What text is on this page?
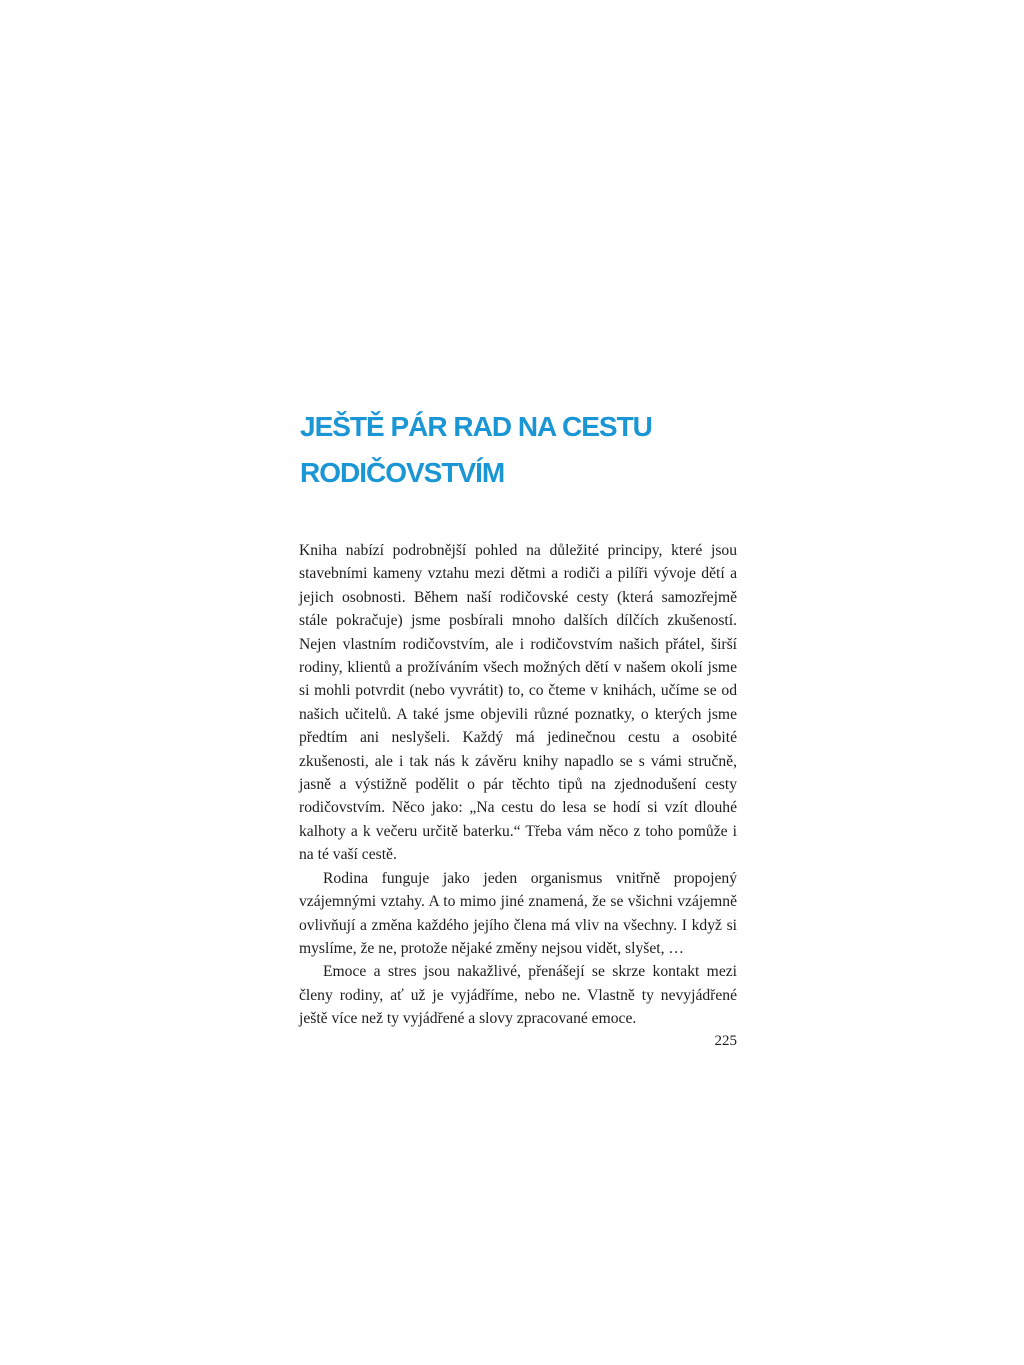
JEŠTĚ PÁR RAD NA CESTU
RODIČOVSTVÍM

Kniha nabízí podrobnější pohled na důležité principy, které jsou stavebními kameny vztahu mezi dětmi a rodiči a pilíři vývoje dětí a jejich osobnosti. Během naší rodičovské cesty (která samozřejmě stále pokračuje) jsme posbírali mnoho dalších dílčích zkušeností. Nejen vlastním rodičovstvím, ale i rodičovstvím našich přátel, širší rodiny, klientů a prožíváním všech možných dětí v našem okolí jsme si mohli potvrdit (nebo vyvrátit) to, co čteme v knihách, učíme se od našich učitelů. A také jsme objevili různé poznatky, o kterých jsme předtím ani neslyšeli. Každý má jedinečnou cestu a osobité zkušenosti, ale i tak nás k závěru knihy napadlo se s vámi stručně, jasně a výstižně podělit o pár těchto tipů na zjednodušení cesty rodičovstvím. Něco jako: „Na cestu do lesa se hodí si vzít dlouhé kalhoty a k večeru určitě baterku.“ Třeba vám něco z toho pomůže i na té vaší cestě.

Rodina funguje jako jeden organismus vnitřně propojený vzájemnými vztahy. A to mimo jiné znamená, že se všichni vzájemně ovlivňují a změna každého jejího člena má vliv na všechny. I když si myslíme, že ne, protože nějaké změny nejsou vidět, slyšet, …

Emoce a stres jsou nakažlivé, přenášejí se skrze kontakt mezi členy rodiny, ať už je vyjádříme, nebo ne. Vlastně ty nevyjádřené ještě více než ty vyjádřené a slovy zpracované emoce.

225
